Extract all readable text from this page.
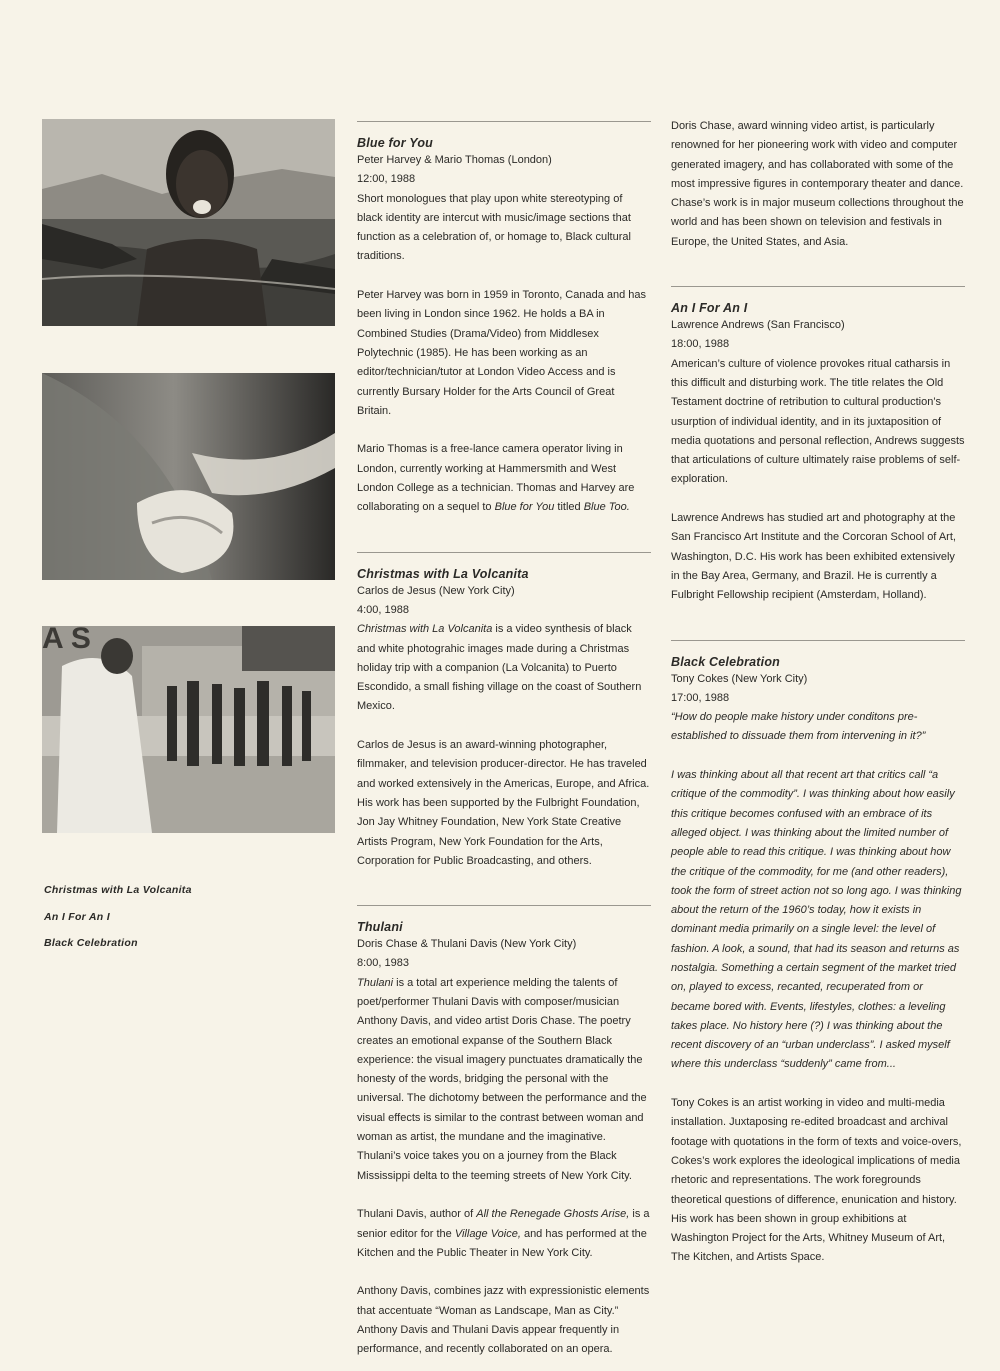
A S
Christmas with La Volcanita
An I For An I
Black Celebration
Blue for You
Peter Harvey & Mario Thomas (London)
12:00, 1988

Short monologues that play upon white stereotyping of black identity are intercut with music/image sections that function as a celebration of, or homage to, Black cultural traditions.

Peter Harvey was born in 1959 in Toronto, Canada and has been living in London since 1962. He holds a BA in Combined Studies (Drama/Video) from Middlesex Polytechnic (1985). He has been working as an editor/technician/tutor at London Video Access and is currently Bursary Holder for the Arts Council of Great Britain.

Mario Thomas is a free-lance camera operator living in London, currently working at Hammersmith and West London College as a technician. Thomas and Harvey are collaborating on a sequel to Blue for You titled Blue Too.

Christmas with La Volcanita
Carlos de Jesus (New York City)
4:00, 1988

Christmas with La Volcanita is a video synthesis of black and white photograhic images made during a Christmas holiday trip with a companion (La Volcanita) to Puerto Escondido, a small fishing village on the coast of Southern Mexico.

Carlos de Jesus is an award-winning photographer, filmmaker, and television producer-director. He has traveled and worked extensively in the Americas, Europe, and Africa. His work has been supported by the Fulbright Foundation, Jon Jay Whitney Foundation, New York State Creative Artists Program, New York Foundation for the Arts, Corporation for Public Broadcasting, and others.

Thulani
Doris Chase & Thulani Davis (New York City)
8:00, 1983

Thulani is a total art experience melding the talents of poet/performer Thulani Davis with composer/musician Anthony Davis, and video artist Doris Chase. The poetry creates an emotional expanse of the Southern Black experience: the visual imagery punctuates dramatically the honesty of the words, bridging the personal with the universal. The dichotomy between the performance and the visual effects is similar to the contrast between woman and woman as artist, the mundane and the imaginative. Thulani’s voice takes you on a journey from the Black Mississippi delta to the teeming streets of New York City.

Thulani Davis, author of All the Renegade Ghosts Arise, is a senior editor for the Village Voice, and has performed at the Kitchen and the Public Theater in New York City.

Anthony Davis, combines jazz with expressionistic elements that accentuate “Woman as Landscape, Man as City.” Anthony Davis and Thulani Davis appear frequently in performance, and recently collaborated on an opera.

Doris Chase, award winning video artist, is particularly renowned for her pioneering work with video and computer generated imagery, and has collaborated with some of the most impressive figures in contemporary theater and dance. Chase’s work is in major museum collections throughout the world and has been shown on television and festivals in Europe, the United States, and Asia.

An I For An I
Lawrence Andrews (San Francisco)
18:00, 1988

American’s culture of violence provokes ritual catharsis in this difficult and disturbing work. The title relates the Old Testament doctrine of retribution to cultural production’s usurption of individual identity, and in its juxtaposition of media quotations and personal reflection, Andrews suggests that articulations of culture ultimately raise problems of self-exploration.

Lawrence Andrews has studied art and photography at the San Francisco Art Institute and the Corcoran School of Art, Washington, D.C. His work has been exhibited extensively in the Bay Area, Germany, and Brazil. He is currently a Fulbright Fellowship recipient (Amsterdam, Holland).

Black Celebration
Tony Cokes (New York City)
17:00, 1988

“How do people make history under conditons pre-established to dissuade them from intervening in it?”

I was thinking about all that recent art that critics call “a critique of the commodity”. I was thinking about how easily this critique becomes confused with an embrace of its alleged object. I was thinking about the limited number of people able to read this critique. I was thinking about how the critique of the commodity, for me (and other readers), took the form of street action not so long ago. I was thinking about the return of the 1960’s today, how it exists in dominant media primarily on a single level: the level of fashion. A look, a sound, that had its season and returns as nostalgia. Something a certain segment of the market tried on, played to excess, recanted, recuperated from or became bored with. Events, lifestyles, clothes: a leveling takes place. No history here (?) I was thinking about the recent discovery of an “urban underclass”. I asked myself where this underclass “suddenly” came from...

Tony Cokes is an artist working in video and multi-media installation. Juxtaposing re-edited broadcast and archival footage with quotations in the form of texts and voice-overs, Cokes’s work explores the ideological implications of media rhetoric and representations. The work foregrounds theoretical questions of difference, enunication and history. His work has been shown in group exhibitions at Washington Project for the Arts, Whitney Museum of Art, The Kitchen, and Artists Space.
